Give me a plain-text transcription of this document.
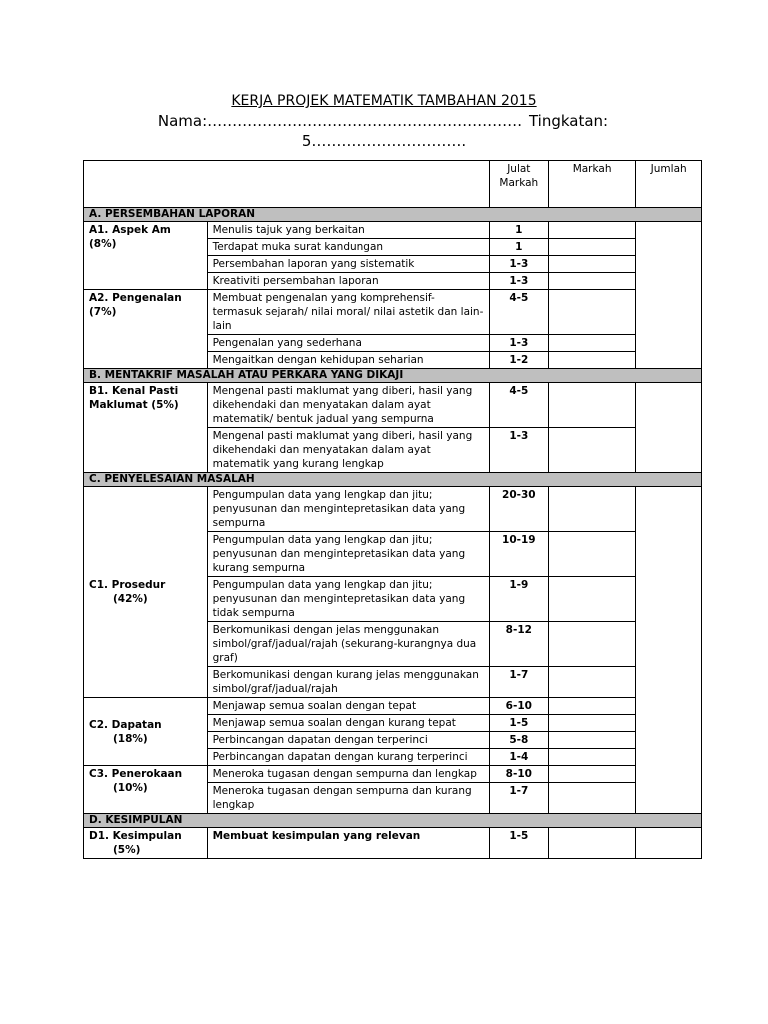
KERJA PROJEK MATEMATIK TAMBAHAN 2015
Nama:……………………………………………………… Tingkatan:
5………………………….
		Julat Markah	Markah	Jumlah
A. PERSEMBAHAN LAPORAN				
A1. Aspek Am
(8%)	Menulis tajuk yang berkaitan	1		
	Terdapat muka surat kandungan	1		
	Persembahan laporan yang sistematik	1-3		
	Kreativiti persembahan laporan	1-3		
A2. Pengenalan
(7%)	Membuat pengenalan yang komprehensif- termasuk sejarah/ nilai moral/ nilai astetik dan lain-lain	4-5		
	Pengenalan yang sederhana	1-3		
	Mengaitkan dengan kehidupan seharian	1-2		
B. MENTAKRIF MASALAH ATAU PERKARA YANG DIKAJI				
B1. Kenal Pasti Maklumat (5%)	Mengenal pasti maklumat yang diberi, hasil yang dikehendaki dan menyatakan dalam ayat matematik/ bentuk jadual yang sempurna	4-5		
	Mengenal pasti maklumat yang diberi, hasil yang dikehendaki dan menyatakan dalam ayat matematik yang kurang lengkap	1-3		
C. PENYELESAIAN MASALAH				
C1. Prosedur
(42%)	Pengumpulan data yang lengkap dan jitu; penyusunan dan mengintepretasikan data yang sempurna	20-30		
	Pengumpulan data yang lengkap dan jitu; penyusunan dan mengintepretasikan data yang kurang sempurna	10-19		
	Pengumpulan data yang lengkap dan jitu; penyusunan dan mengintepretasikan data yang tidak sempurna	1-9		
	Berkomunikasi dengan jelas menggunakan simbol/graf/jadual/rajah (sekurang-kurangnya dua graf)	8-12		
	Berkomunikasi dengan kurang jelas menggunakan simbol/graf/jadual/rajah	1-7		
C2. Dapatan
(18%)	Menjawap semua soalan dengan tepat	6-10		
	Menjawap semua soalan dengan kurang tepat	1-5		
	Perbincangan dapatan dengan terperinci	5-8		
	Perbincangan dapatan dengan kurang terperinci	1-4		
C3. Penerokaan
(10%)	Meneroka tugasan dengan sempurna dan lengkap	8-10		
	Meneroka tugasan dengan sempurna dan kurang lengkap	1-7		
D. KESIMPULAN				
D1. Kesimpulan
(5%)	Membuat kesimpulan yang relevan	1-5		
